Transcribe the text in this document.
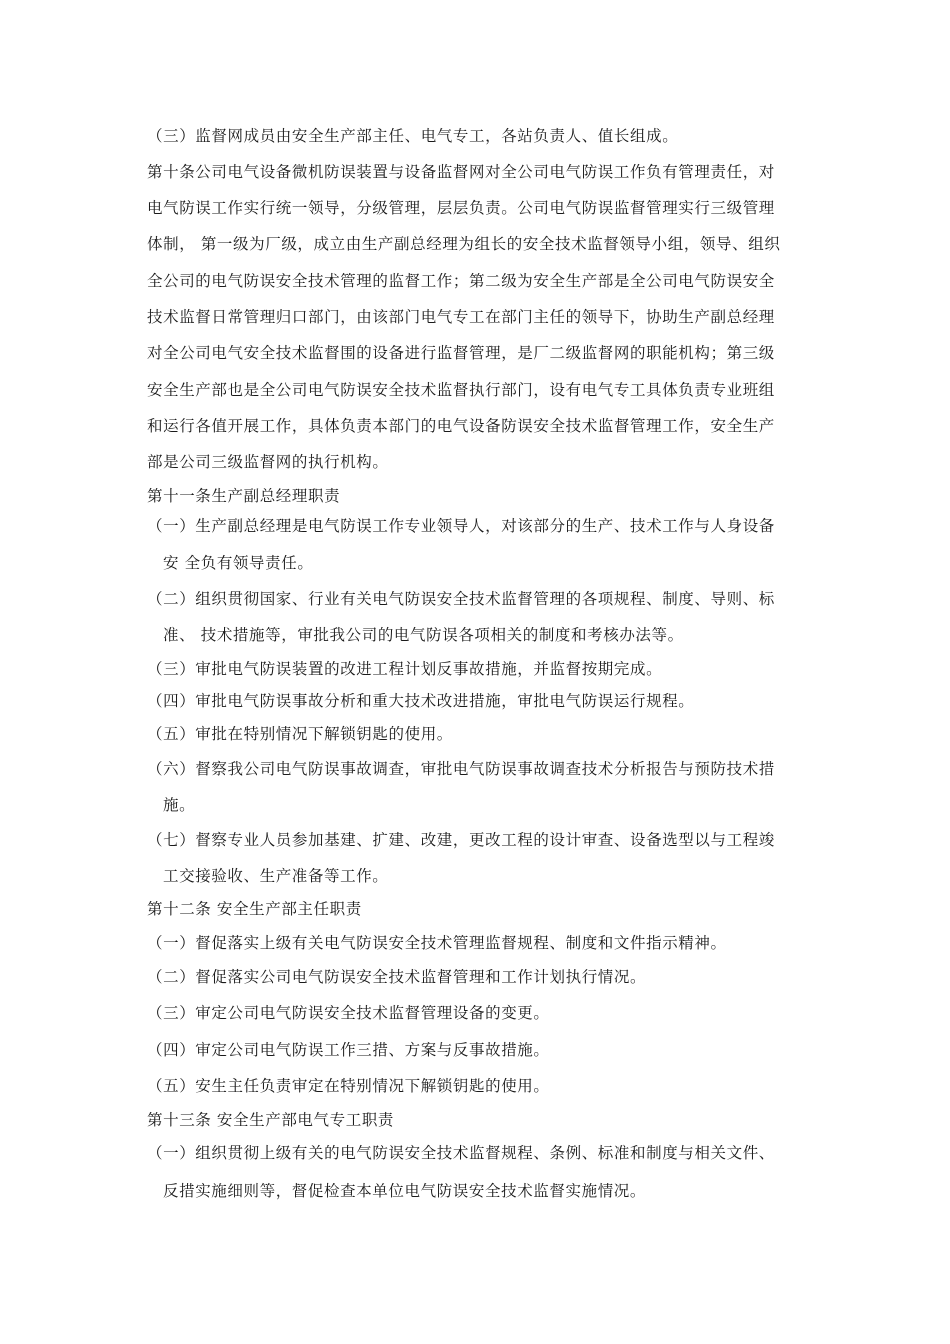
（三）监督网成员由安全生产部主任、电气专工，各站负责人、值长组成。
第十条公司电气设备微机防误装置与设备监督网对全公司电气防误工作负有管理责任，对
电气防误工作实行统一领导，分级管理，层层负责。公司电气防误监督管理实行三级管理
体制， 第一级为厂级，成立由生产副总经理为组长的安全技术监督领导小组，领导、组织
全公司的电气防误安全技术管理的监督工作；第二级为安全生产部是全公司电气防误安全
技术监督日常管理归口部门，由该部门电气专工在部门主任的领导下，协助生产副总经理
对全公司电气安全技术监督围的设备进行监督管理，是厂二级监督网的职能机构；第三级
安全生产部也是全公司电气防误安全技术监督执行部门，设有电气专工具体负责专业班组
和运行各值开展工作，具体负责本部门的电气设备防误安全技术监督管理工作，安全生产
部是公司三级监督网的执行机构。
第十一条生产副总经理职责
（一）生产副总经理是电气防误工作专业领导人，对该部分的生产、技术工作与人身设备
安 全负有领导责任。
（二）组织贯彻国家、行业有关电气防误安全技术监督管理的各项规程、制度、导则、标
准、 技术措施等，审批我公司的电气防误各项相关的制度和考核办法等。
（三）审批电气防误装置的改进工程计划反事故措施，并监督按期完成。
（四）审批电气防误事故分析和重大技术改进措施，审批电气防误运行规程。
（五）审批在特别情况下解锁钥匙的使用。
（六）督察我公司电气防误事故调查，审批电气防误事故调查技术分析报告与预防技术措
施。
（七）督察专业人员参加基建、扩建、改建，更改工程的设计审查、设备选型以与工程竣
工交接验收、生产准备等工作。
第十二条 安全生产部主任职责
（一）督促落实上级有关电气防误安全技术管理监督规程、制度和文件指示精神。
（二）督促落实公司电气防误安全技术监督管理和工作计划执行情况。
（三）审定公司电气防误安全技术监督管理设备的变更。
（四）审定公司电气防误工作三措、方案与反事故措施。
（五）安生主任负责审定在特别情况下解锁钥匙的使用。
第十三条 安全生产部电气专工职责
（一）组织贯彻上级有关的电气防误安全技术监督规程、条例、标准和制度与相关文件、
反措实施细则等，督促检查本单位电气防误安全技术监督实施情况。
